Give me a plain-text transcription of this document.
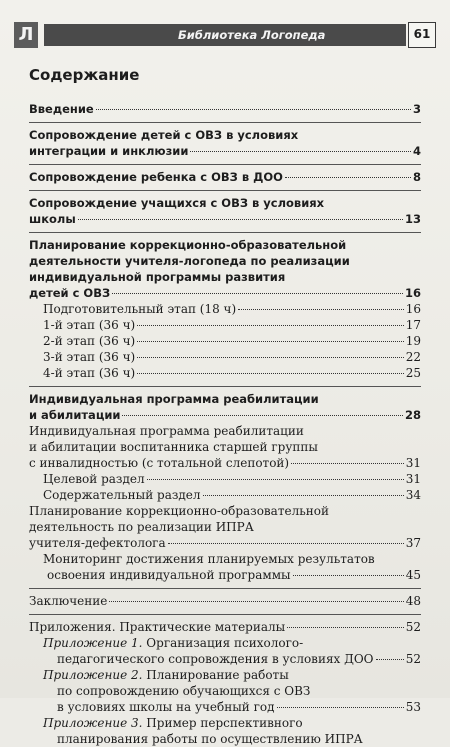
Л	Библиотека Логопеда	61
Содержание
Введение	3
Сопровождение детей с ОВЗ в условиях
интеграции и инклюзии	4
Сопровождение ребенка с ОВЗ в ДОО	8
Сопровождение учащихся с ОВЗ в условиях
школы	13
Планирование коррекционно-образовательной
деятельности учителя-логопеда по реализации
индивидуальной программы развития
детей с ОВЗ	16
Подготовительный этап (18 ч)	16
1-й этап (36 ч)	17
2-й этап (36 ч)	19
3-й этап (36 ч)	22
4-й этап (36 ч)	25
Индивидуальная программа реабилитации
и абилитации	28
Индивидуальная программа реабилитации
и абилитации воспитанника старшей группы
с инвалидностью (с тотальной слепотой)	31
Целевой раздел	31
Содержательный раздел	34
Планирование коррекционно-образовательной
деятельность по реализации ИПРА
учителя-дефектолога	37
Мониторинг достижения планируемых результатов
освоения индивидуальной программы	45
Заключение	48
Приложения. Практические материалы	52
Приложение 1. Организация психолого-
педагогического сопровождения в условиях ДОО	52
Приложение 2. Планирование работы
по сопровождению обучающихся с ОВЗ
в условиях школы на учебный год	53
Приложение 3. Пример перспективного
планирования работы по осуществлению ИПРА
